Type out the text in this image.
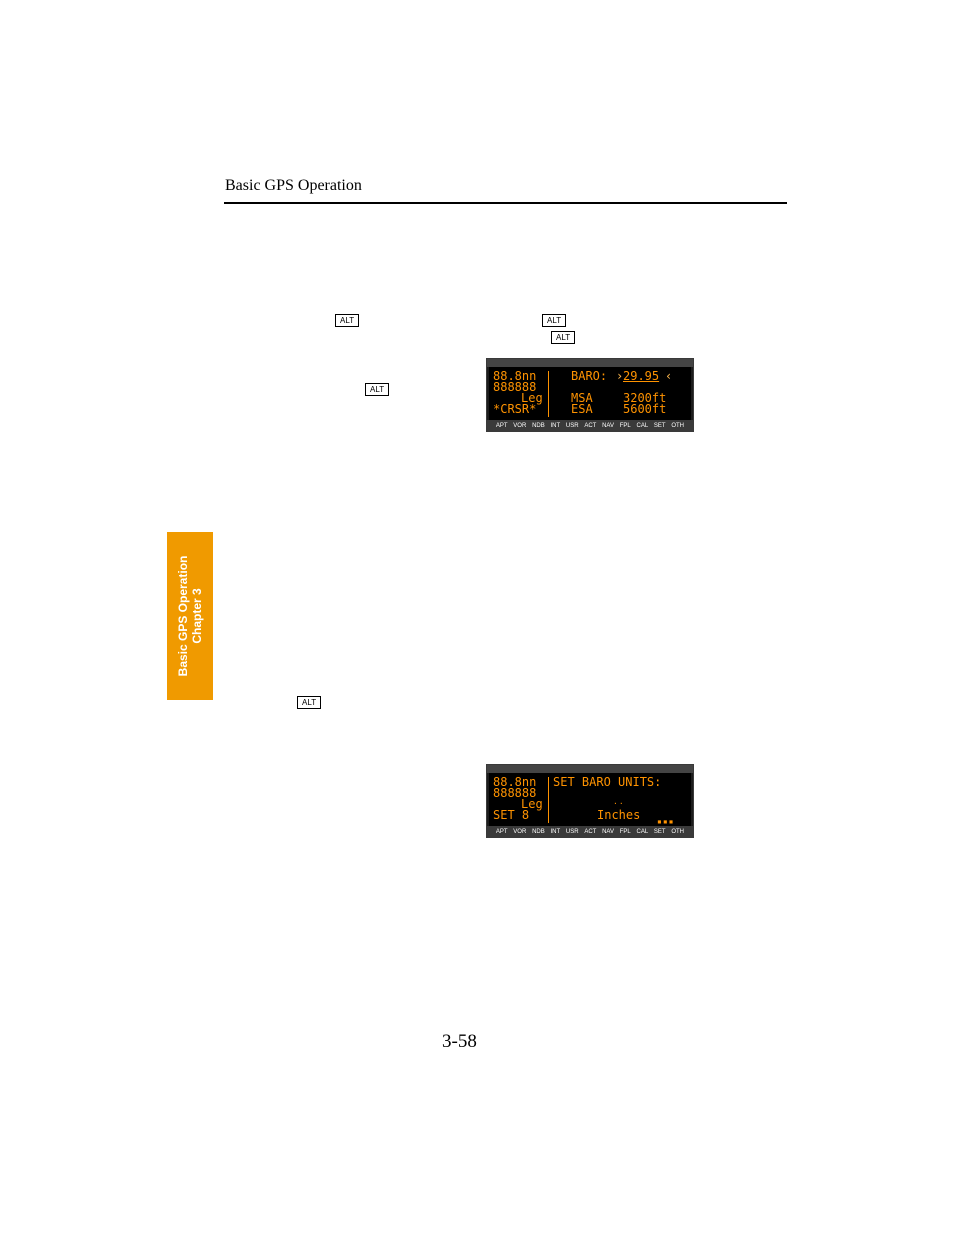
Basic GPS Operation
ALT	ALT
ALT
ALT
88.8nn
888888
Leg
*CRSR*
BARO: › 29.95 ‹
MSA	3200ft
ESA	5600ft
APT VOR NDB INT USR ACT NAV FPL CAL SET OTH
Basic GPS Operation Chapter 3
ALT
88.8nn
888888
Leg
SET 8
SET BARO UNITS:
··
Inches ▪▪▪
APT VOR NDB INT USR ACT NAV FPL CAL SET OTH
3-58
